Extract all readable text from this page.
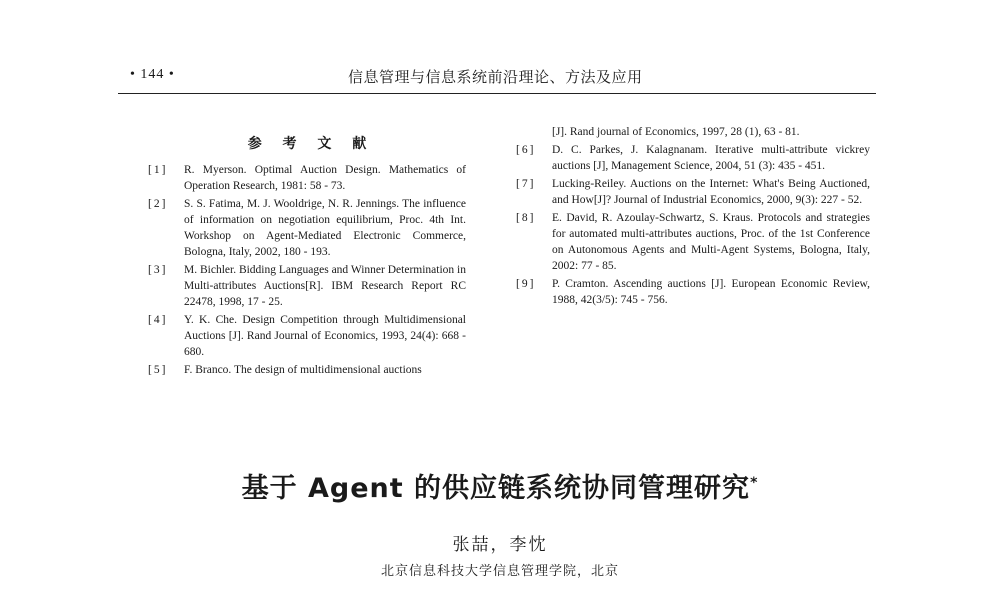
• 144 •	信息管理与信息系统前沿理论、方法及应用
参 考 文 献
[1]	R. Myerson. Optimal Auction Design. Mathematics of Operation Research, 1981: 58 - 73.
[2]	S. S. Fatima, M. J. Wooldrige, N. R. Jennings. The influence of information on negotiation equilibrium, Proc. 4th Int. Workshop on Agent-Mediated Electronic Commerce, Bologna, Italy, 2002, 180 - 193.
[3]	M. Bichler. Bidding Languages and Winner Determination in Multi-attributes Auctions[R]. IBM Research Report RC 22478, 1998, 17 - 25.
[4]	Y. K. Che. Design Competition through Multidimensional Auctions [J]. Rand Journal of Economics, 1993, 24(4): 668 - 680.
[5]	F. Branco. The design of multidimensional auctions
[J]. Rand journal of Economics, 1997, 28 (1), 63 - 81.
[6]	D. C. Parkes, J. Kalagnanam. Iterative multi-attribute vickrey auctions [J], Management Science, 2004, 51 (3): 435 - 451.
[7]	Lucking-Reiley. Auctions on the Internet: What's Being Auctioned, and How[J]? Journal of Industrial Economics, 2000, 9(3): 227 - 52.
[8]	E. David, R. Azoulay-Schwartz, S. Kraus. Protocols and strategies for automated multi-attributes auctions, Proc. of the 1st Conference on Autonomous Agents and Multi-Agent Systems, Bologna, Italy, 2002: 77 - 85.
[9]	P. Cramton. Ascending auctions [J]. European Economic Review, 1988, 42(3/5): 745 - 756.
基于 Agent 的供应链系统协同管理研究*
张喆，李忱
北京信息科技大学信息管理学院，北京
